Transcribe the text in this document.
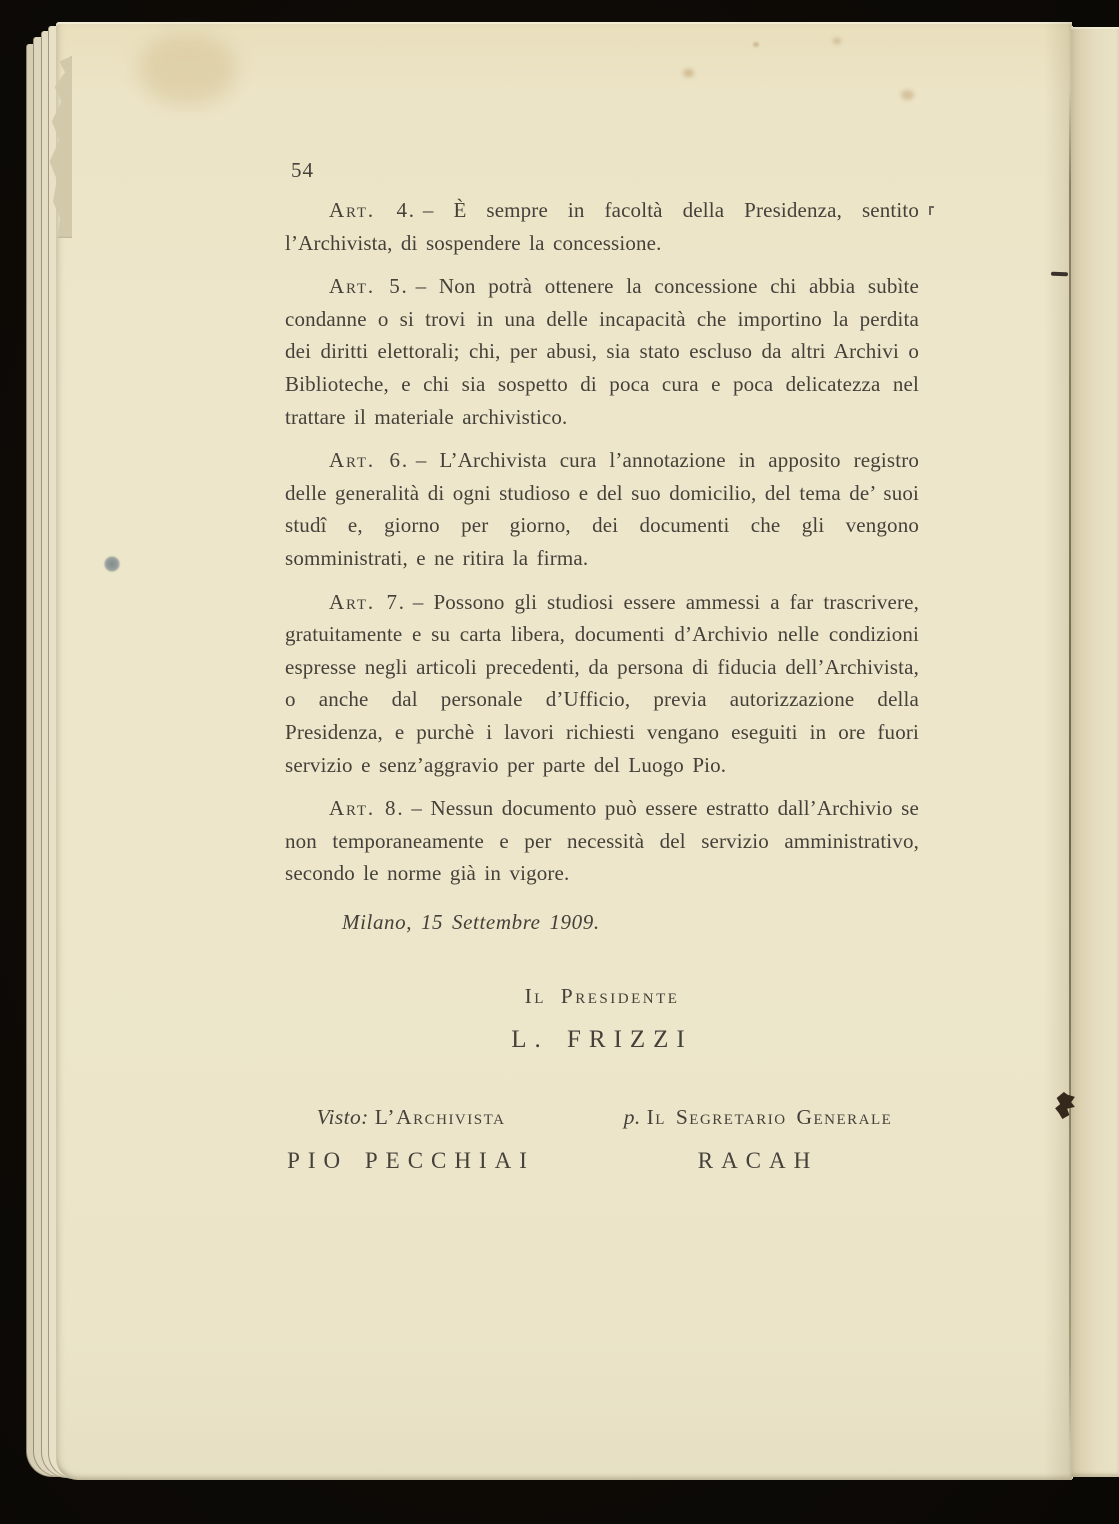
54

Art. 4. – È sempre in facoltà della Presidenza, sentito l’Archivista, di sospendere la concessione.

Art. 5. – Non potrà ottenere la concessione chi abbia subìte condanne o si trovi in una delle incapacità che importino la perdita dei diritti elettorali; chi, per abusi, sia stato escluso da altri Archivi o Biblioteche, e chi sia sospetto di poca cura e poca delicatezza nel trattare il materiale archivistico.

Art. 6. – L’Archivista cura l’annotazione in apposito registro delle generalità di ogni studioso e del suo domicilio, del tema de’ suoi studî e, giorno per giorno, dei documenti che gli vengono somministrati, e ne ritira la firma.

Art. 7. – Possono gli studiosi essere ammessi a far trascrivere, gratuitamente e su carta libera, documenti d’Archivio nelle condizioni espresse negli articoli precedenti, da persona di fiducia dell’Archivista, o anche dal personale d’Ufficio, previa autorizzazione della Presidenza, e purchè i lavori richiesti vengano eseguiti in ore fuori servizio e senz’aggravio per parte del Luogo Pio.

Art. 8. – Nessun documento può essere estratto dall’Archivio se non temporaneamente e per necessità del servizio amministrativo, secondo le norme già in vigore.

Milano, 15 Settembre 1909.
Il Presidente
L. FRIZZI
Visto: L’Archivista
PIO PECCHIAI
p. Il Segretario Generale
RACAH
